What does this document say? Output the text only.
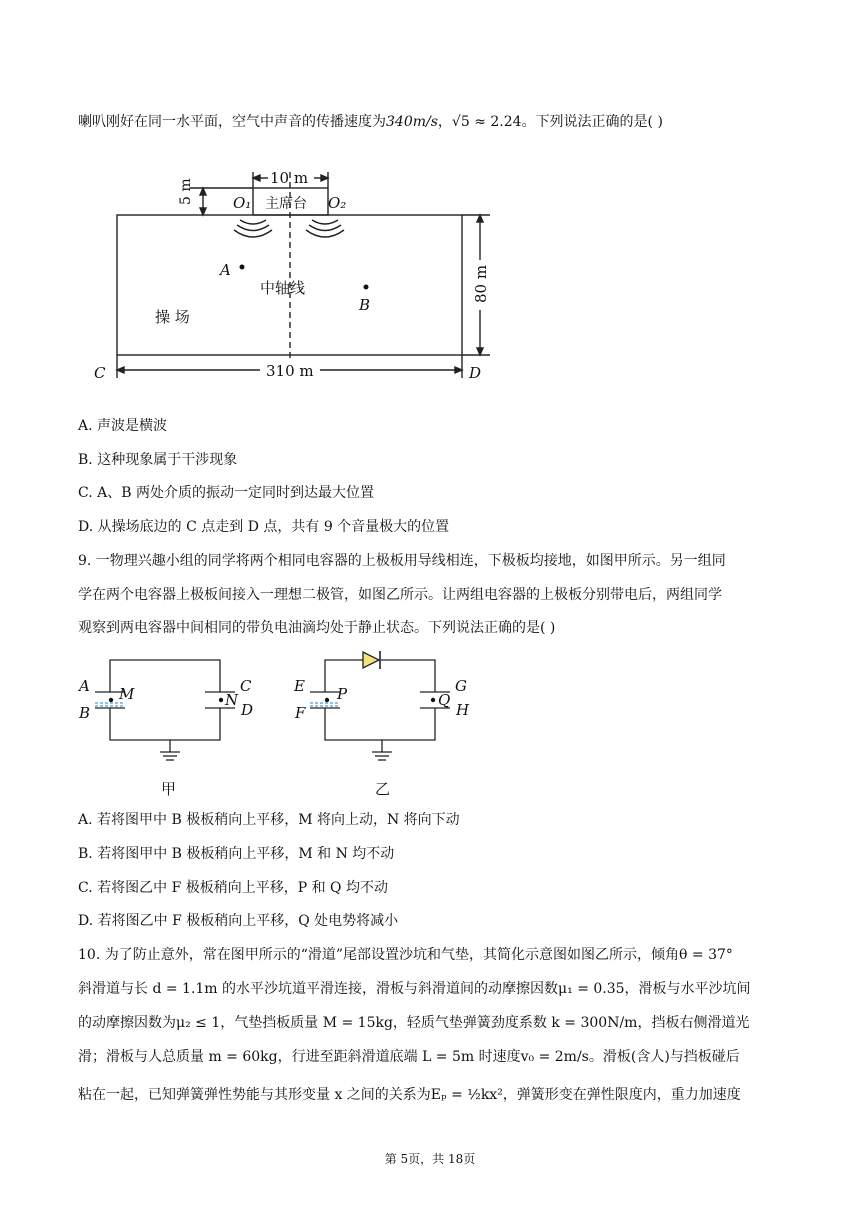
喇叭刚好在同一水平面，空气中声音的传播速度为340m/s，√5 ≈ 2.24。下列说法正确的是( )
10 m
5 m
80 m
310 m
主席台
O₁	O₂
A
B
C	D
中轴线
操 场
A. 声波是横波
B. 这种现象属于干涉现象
C. A、B 两处介质的振动一定同时到达最大位置
D. 从操场底边的 C 点走到 D 点，共有 9 个音量极大的位置
9. 一物理兴趣小组的同学将两个相同电容器的上极板用导线相连，下极板均接地，如图甲所示。另一组同
学在两个电容器上极板间接入一理想二极管，如图乙所示。让两组电容器的上极板分别带电后，两组同学
观察到两电容器中间相同的带负电油滴均处于静止状态。下列说法正确的是( )
A
B
M	N
C
D
E
F
P	Q
G
H
甲	乙
A. 若将图甲中 B 极板稍向上平移，M 将向上动，N 将向下动
B. 若将图甲中 B 极板稍向上平移，M 和 N 均不动
C. 若将图乙中 F 极板稍向上平移，P 和 Q 均不动
D. 若将图乙中 F 极板稍向上平移，Q 处电势将减小
10. 为了防止意外，常在图甲所示的“滑道”尾部设置沙坑和气垫，其简化示意图如图乙所示，倾角θ = 37°
斜滑道与长 d = 1.1m 的水平沙坑道平滑连接，滑板与斜滑道间的动摩擦因数μ₁ = 0.35，滑板与水平沙坑间
的动摩擦因数为μ₂ ≤ 1，气垫挡板质量 M = 15kg，轻质气垫弹簧劲度系数 k = 300N/m，挡板右侧滑道光
滑；滑板与人总质量 m = 60kg，行进至距斜滑道底端 L = 5m 时速度v₀ = 2m/s。滑板(含人)与挡板碰后
粘在一起，已知弹簧弹性势能与其形变量 x 之间的关系为Eₚ = ½kx²，弹簧形变在弹性限度内，重力加速度
第 5页，共 18页
